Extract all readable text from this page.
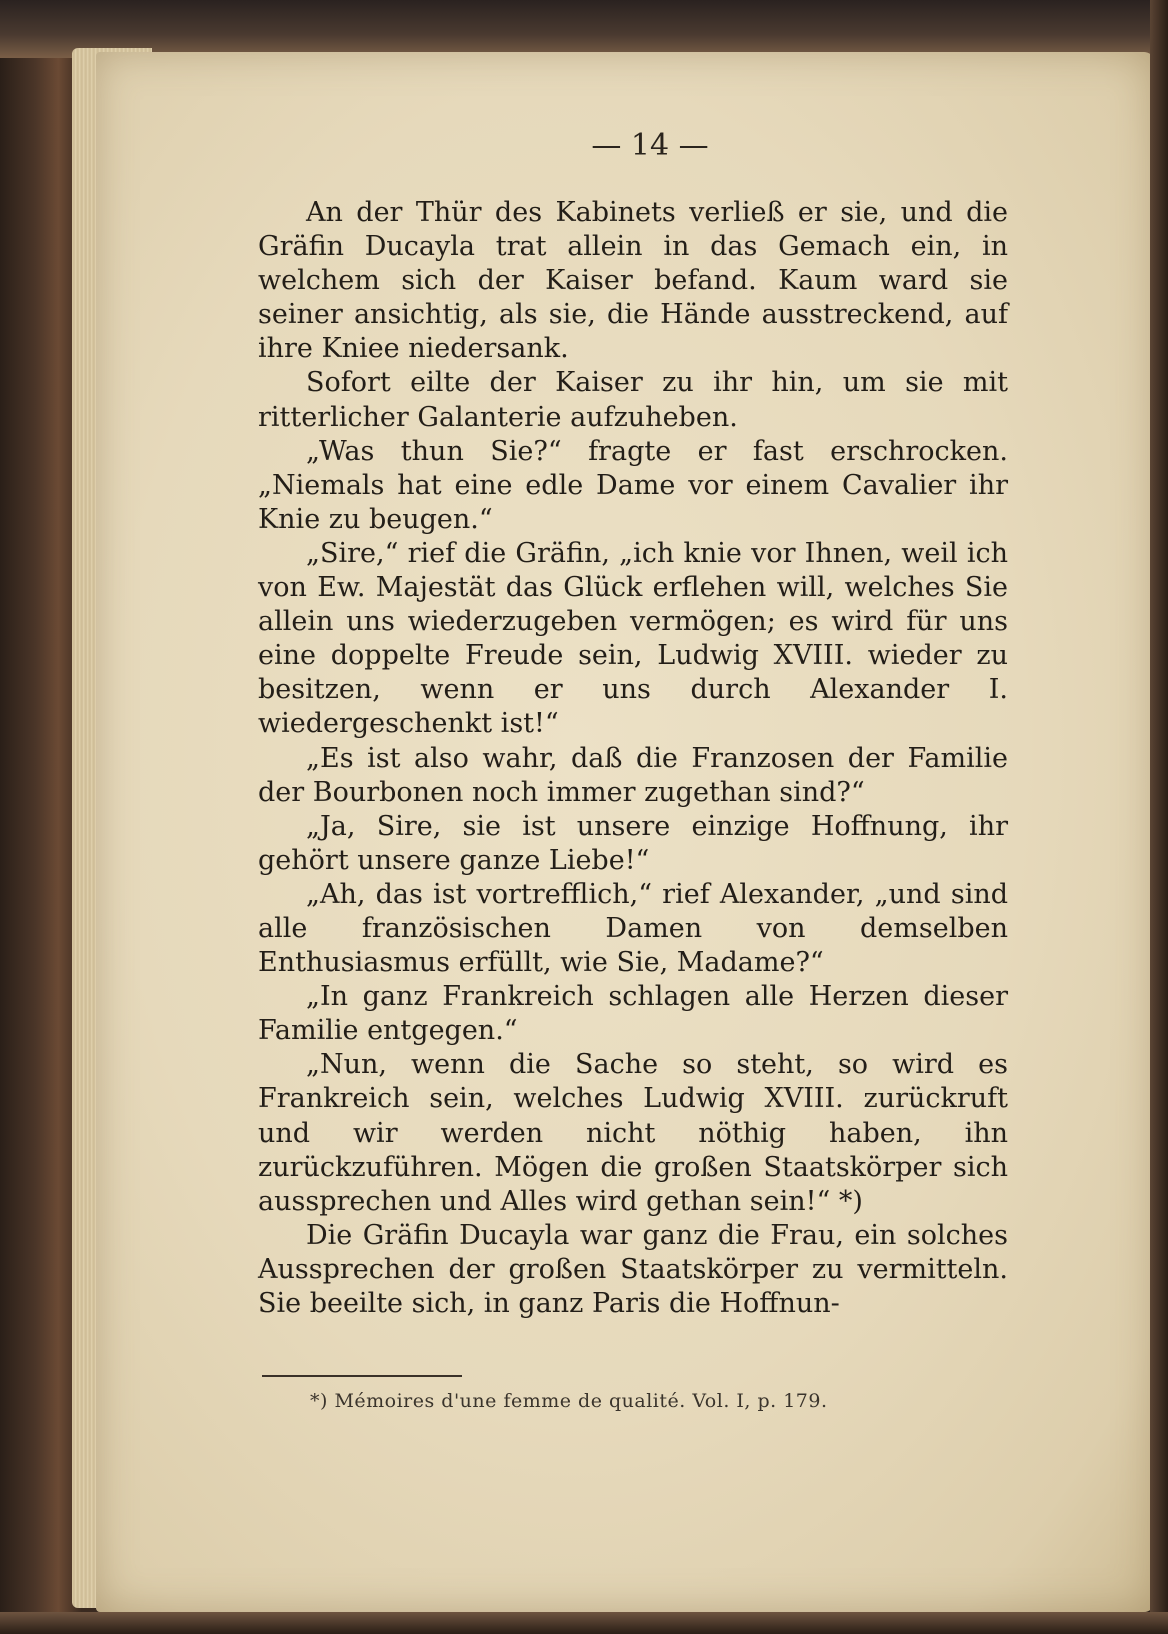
— 14 —

An der Thür des Kabinets verließ er sie, und die Gräfin Ducayla trat allein in das Gemach ein, in welchem sich der Kaiser befand. Kaum ward sie seiner ansichtig, als sie, die Hände ausstreckend, auf ihre Kniee niedersank.

Sofort eilte der Kaiser zu ihr hin, um sie mit ritterlicher Galanterie aufzuheben.

„Was thun Sie?“ fragte er fast erschrocken. „Niemals hat eine edle Dame vor einem Cavalier ihr Knie zu beugen.“

„Sire,“ rief die Gräfin, „ich knie vor Ihnen, weil ich von Ew. Majestät das Glück erflehen will, welches Sie allein uns wiederzugeben vermögen; es wird für uns eine doppelte Freude sein, Ludwig XVIII. wieder zu besitzen, wenn er uns durch Alexander I. wiedergeschenkt ist!“

„Es ist also wahr, daß die Franzosen der Familie der Bourbonen noch immer zugethan sind?“

„Ja, Sire, sie ist unsere einzige Hoffnung, ihr gehört unsere ganze Liebe!“

„Ah, das ist vortrefflich,“ rief Alexander, „und sind alle französischen Damen von demselben Enthusiasmus erfüllt, wie Sie, Madame?“

„In ganz Frankreich schlagen alle Herzen dieser Familie entgegen.“

„Nun, wenn die Sache so steht, so wird es Frankreich sein, welches Ludwig XVIII. zurückruft und wir werden nicht nöthig haben, ihn zurückzuführen. Mögen die großen Staatskörper sich aussprechen und Alles wird gethan sein!“ *)

Die Gräfin Ducayla war ganz die Frau, ein solches Aussprechen der großen Staatskörper zu vermitteln. Sie beeilte sich, in ganz Paris die Hoffnun-

*) Mémoires d'une femme de qualité. Vol. I, p. 179.
